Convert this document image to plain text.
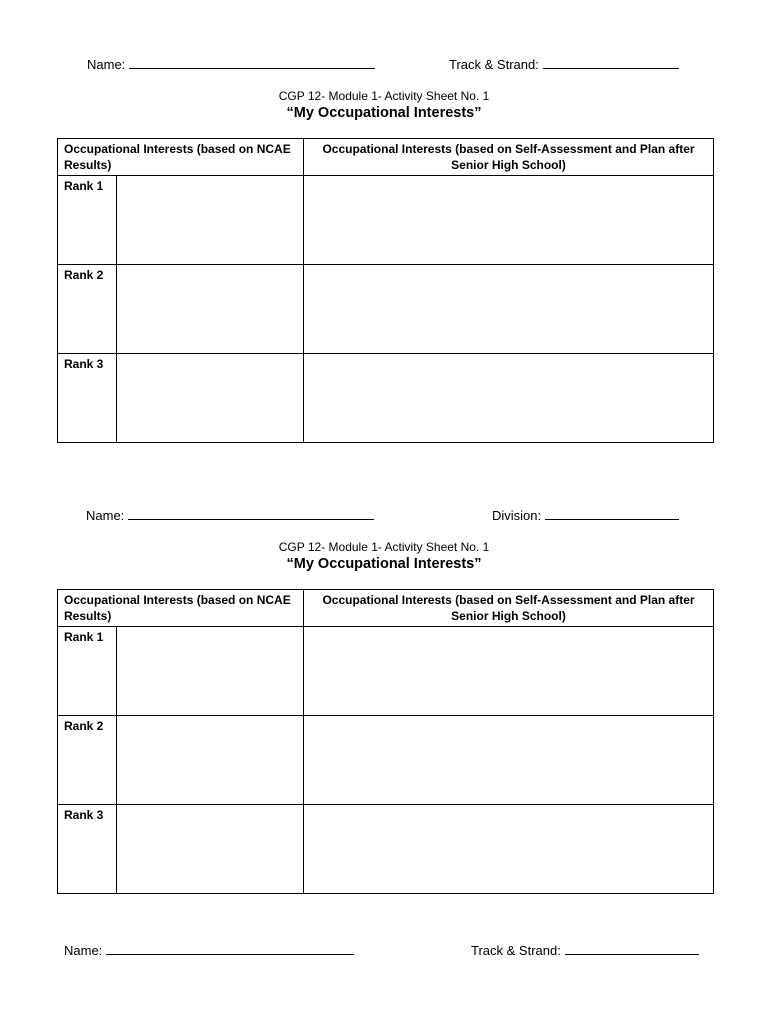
Name:	Track & Strand:
CGP 12- Module 1- Activity Sheet No. 1
“My Occupational Interests”
Occupational Interests (based on NCAE Results)		Occupational Interests (based on Self-Assessment and Plan after Senior High School)
Rank 1		
Rank 2		
Rank 3		
Name:	Division:
CGP 12- Module 1- Activity Sheet No. 1
“My Occupational Interests”
Occupational Interests (based on NCAE Results)		Occupational Interests (based on Self-Assessment and Plan after Senior High School)
Rank 1		
Rank 2		
Rank 3		
Name:	Track & Strand:
